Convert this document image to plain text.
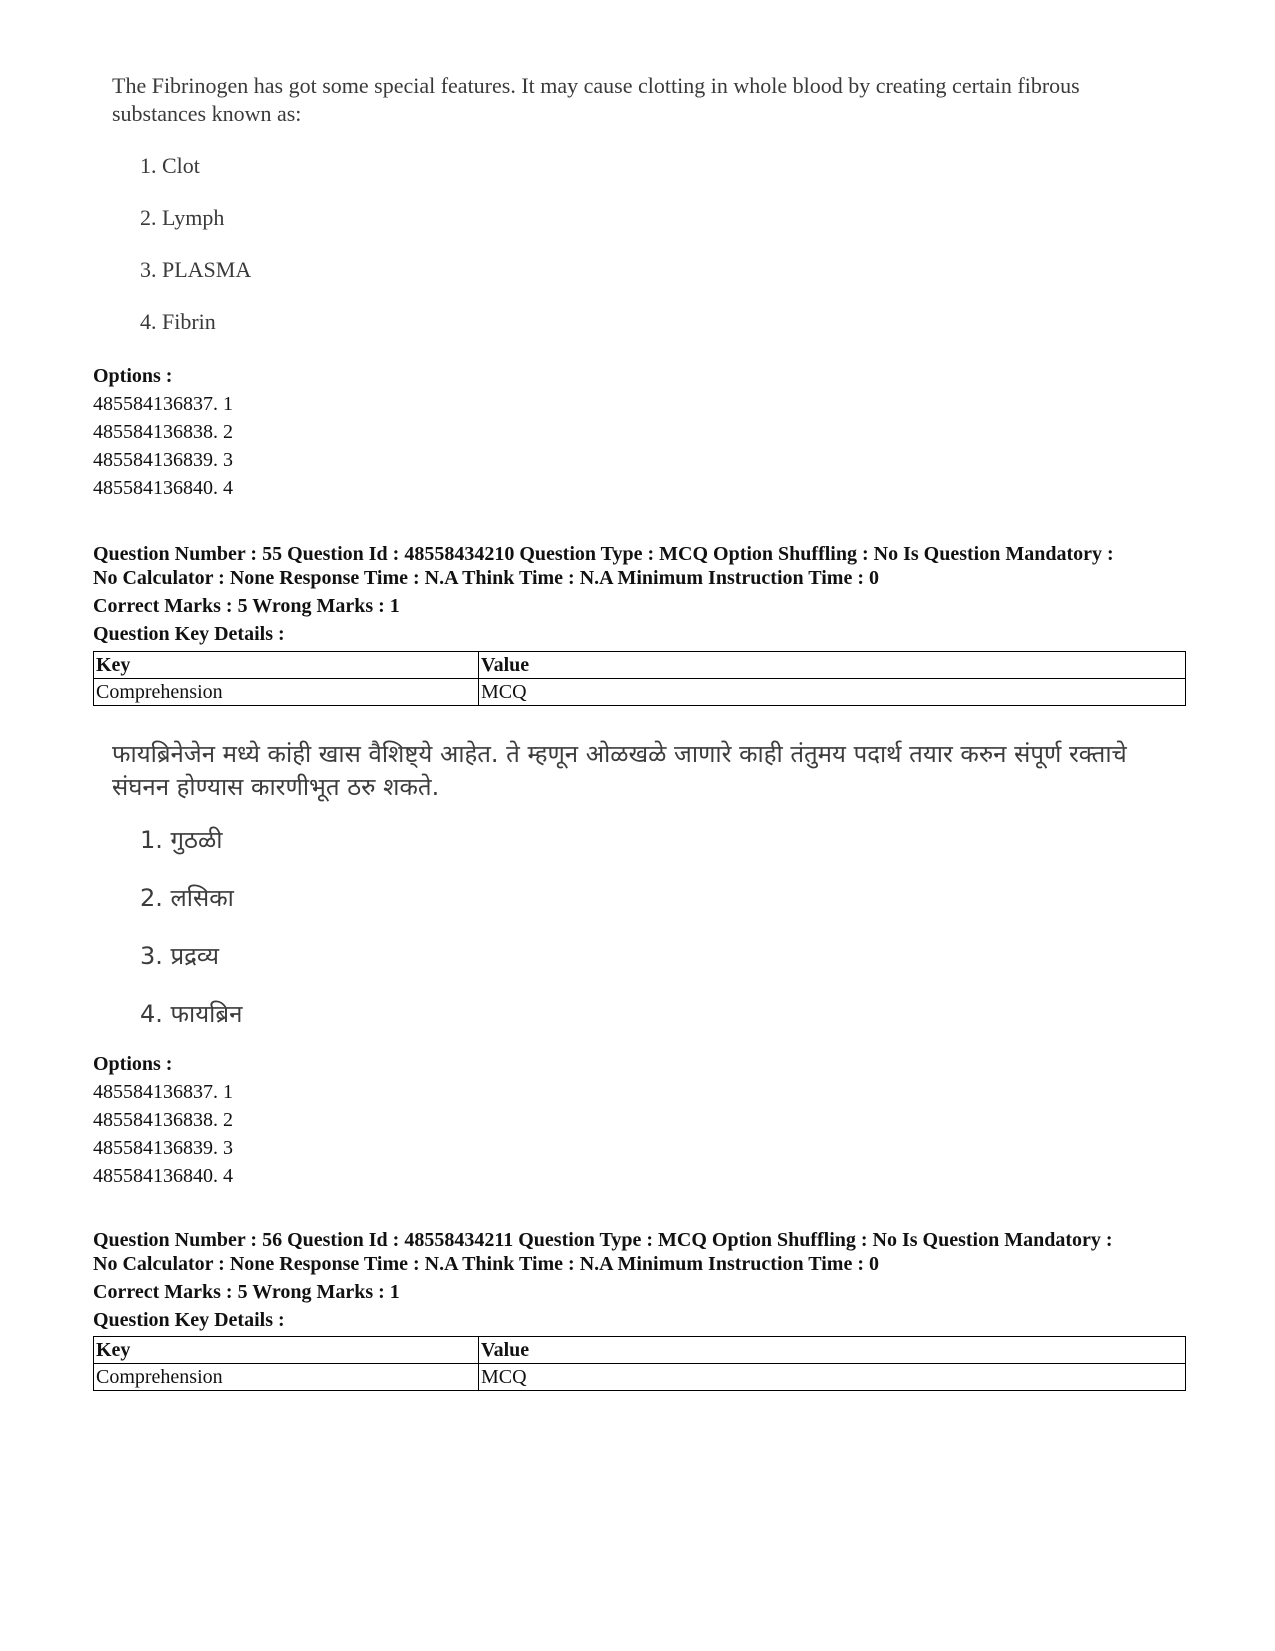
The Fibrinogen has got some special features. It may cause clotting in whole blood by creating certain fibrous substances known as:

1. Clot
2. Lymph
3. PLASMA
4. Fibrin
Options :
485584136837. 1
485584136838. 2
485584136839. 3
485584136840. 4
Question Number : 55 Question Id : 48558434210 Question Type : MCQ Option Shuffling : No Is Question Mandatory :
No Calculator : None Response Time : N.A Think Time : N.A Minimum Instruction Time : 0
Correct Marks : 5 Wrong Marks : 1
Question Key Details :
Key	Value
Comprehension	MCQ
फायब्रिनेजेन मध्ये कांही खास वैशिष्ट्ये आहेत. ते म्हणून ओळखळे जाणारे काही तंतुमय पदार्थ तयार करुन संपूर्ण रक्ताचे
संघनन होण्यास कारणीभूत ठरु शकते.
1. गुठळी
2. लसिका
3. प्रद्रव्य
4. फायब्रिन
Options :
485584136837. 1
485584136838. 2
485584136839. 3
485584136840. 4
Question Number : 56 Question Id : 48558434211 Question Type : MCQ Option Shuffling : No Is Question Mandatory :
No Calculator : None Response Time : N.A Think Time : N.A Minimum Instruction Time : 0
Correct Marks : 5 Wrong Marks : 1
Question Key Details :
Key	Value
Comprehension	MCQ
